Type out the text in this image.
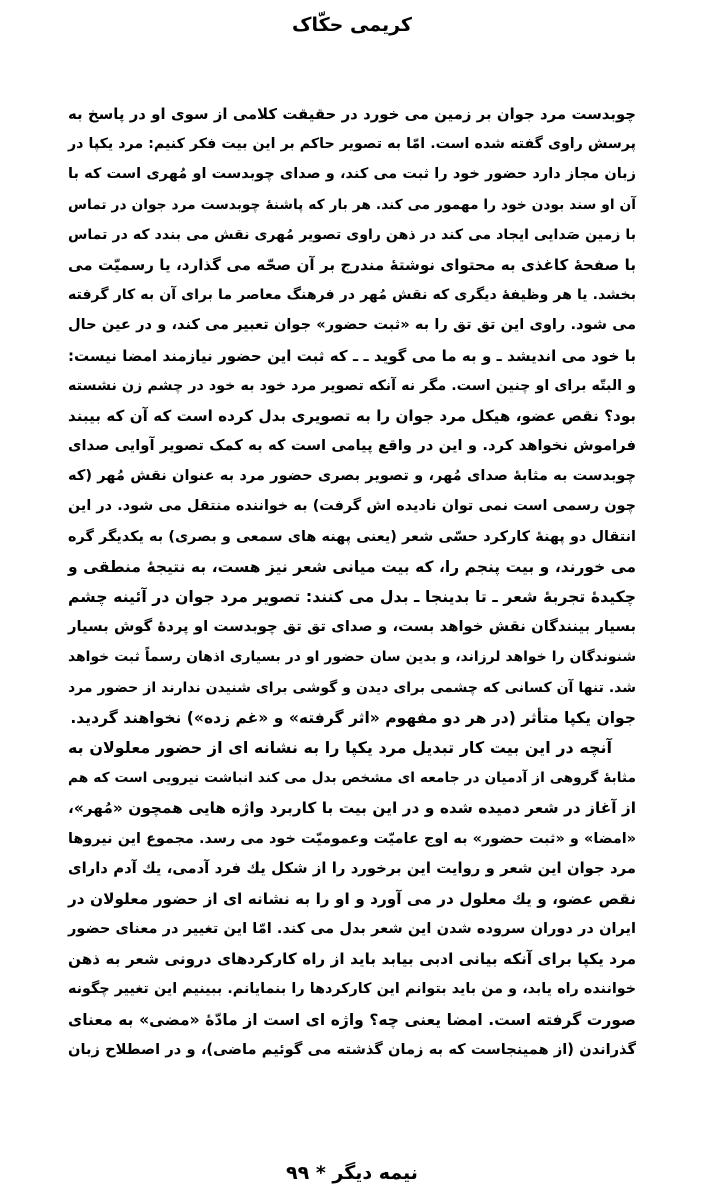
کریمی حکّاک
چوبدست مرد جوان بر زمین می خورد در حقیقت کلامی از سوی او در پاسخ به
پرسش راوی گفته شده است. امّا به تصویر حاکم بر این بیت فکر کنیم: مرد یکپا در
زبان مجاز دارد حضور خود را ثبت می کند، و صدای چوبدست او مُهری است که با
آن او سند بودن خود را مهمور می کند. هر بار که پاشنهٔ چوبدست مرد جوان در تماس
با زمین صَدایی ایجاد می کند در ذهن راوی تصویر مُهری نقش می بندد که در تماس
با صفحهٔ کاغذی به محتوای نوشتهٔ مندرج بر آن صحّه می گذارد، یا رسمیّت می
بخشد. یا هر وظیفهٔ دیگری که نقش مُهر در فرهنگ معاصر ما برای آن به کار گرفته
می شود. راوی این تق تق را به «ثبت حضور» جوان تعبیر می کند، و در عین حال
با خود می اندیشد ـ و به ما می گوید ـ ـ که ثبت این حضور نیازمند امضا نیست:
و البتّه برای او چنین است. مگر نه آنکه تصویر مرد خود به خود در چشم زن نشسته
بود؟ نقص عضو، هیکل مرد جوان را به تصویری بدل کرده است که آن که بیبند
فراموش نخواهد کرد. و این در واقع پیامی است که به کمک تصویر آوایی صدای
چوبدست به مثابهٔ صدای مُهر، و تصویر بصری حضور مرد به عنوان نقش مُهر (که
چون رسمی است نمی توان نادیده اش گرفت) به خواننده منتقل می شود. در این
انتقال دو پهنهٔ کارکرد حسّی شعر (یعنی پهنه های سمعی و بصری) به یکدیگر گره
می خورند، و بیت پنجم را، که بیت میانی شعر نیز هست، به نتیجهٔ منطقی و
چکیدهٔ تجربهٔ شعر ـ تا بدینجا ـ بدل می کنند: تصویر مرد جوان در آئینه چشم
بسیار بینندگان نقش خواهد بست، و صدای تق تق چوبدست او پردهٔ گوش بسیار
شنوندگان را خواهد لرزاند، و بدین سان حضور او در بسیاری اذهان رسماً ثبت خواهد
شد. تنها آن کسانی که چشمی برای دیدن و گوشی برای شنیدن ندارند از حضور مرد
جوان یکپا متأثر (در هر دو مفهوم «اثر گرفته» و «غم زده») نخواهند گردید.
آنچه در این بیت کار تبدیل مرد یکپا را به نشانه ای از حضور معلولان به
مثابهٔ گروهی از آدمیان در جامعه ای مشخص بدل می کند انباشت نیرویی است که هم
از آغاز در شعر دمیده شده و در این بیت با کاربرد واژه هایی همچون «مُهر»،
«امضا» و «ثبت حضور» به اوج عامیّت وعمومیّت خود می رسد. مجموع این نیروها
مرد جوان این شعر و روایت این برخورد را از شکل یك فرد آدمی، یك آدم دارای
نقص عضو، و یك معلول در می آورد و او را به نشانه ای از حضور معلولان در
ایران در دوران سروده شدن این شعر بدل می کند. امّا این تغییر در معنای حضور
مرد یکپا برای آنکه بیانی ادبی بیابد باید از راه کارکردهای درونی شعر به ذهن
خواننده راه یابد، و من باید بتوانم این کارکردها را بنمایانم. ببینیم این تغییر چگونه
صورت گرفته است. امضا یعنی چه؟ واژه ای است از مادّهٔ «مضی» به معنای
گذراندن (از همینجاست که به زمان گذشته می گوئیم ماضی)، و در اصطلاح زبان
نیمه دیگر * ۹۹
